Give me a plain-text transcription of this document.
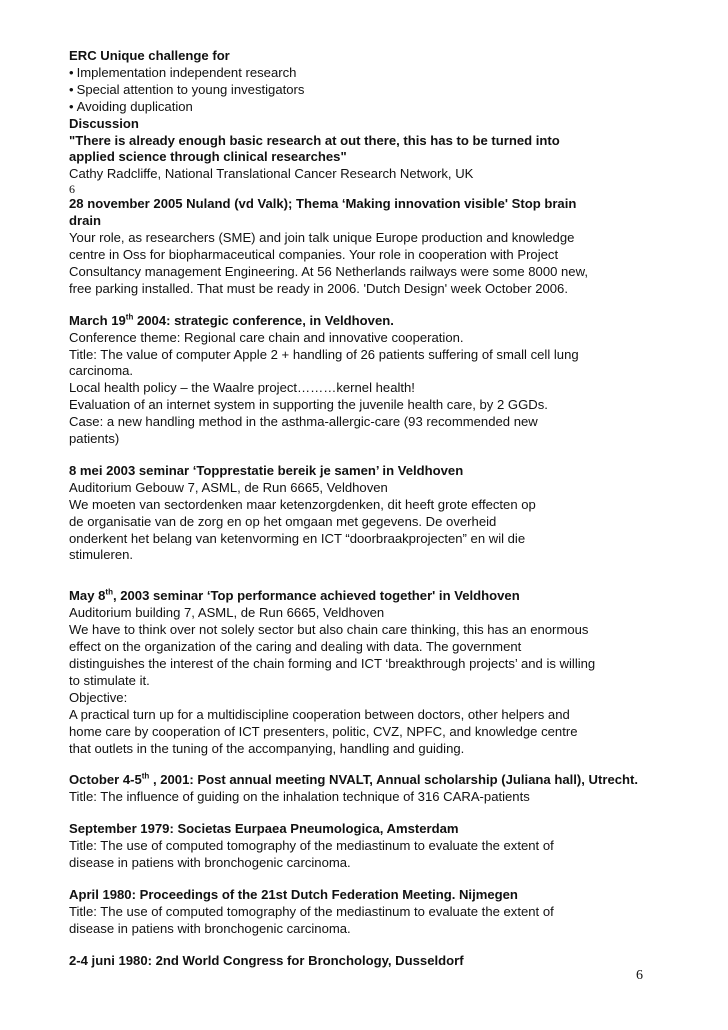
ERC Unique challenge for
• Implementation independent research
• Special attention to young investigators
• Avoiding duplication
Discussion
"There is already enough basic research at out there, this has to be turned into
applied science through clinical researches"
Cathy Radcliffe, National Translational Cancer Research Network, UK
6
28 november 2005 Nuland (vd Valk); Thema ‘Making innovation visible' Stop brain
drain
Your role, as researchers (SME) and join talk unique Europe production and knowledge
centre in Oss for biopharmaceutical companies. Your role in cooperation with Project
Consultancy management Engineering. At 56 Netherlands railways were some 8000 new,
free parking installed. That must be ready in 2006. 'Dutch Design' week October 2006.
March 19th 2004: strategic conference, in Veldhoven.
Conference theme: Regional care chain and innovative cooperation.
Title: The value of computer Apple 2 + handling of 26 patients suffering of small cell lung
carcinoma.
Local health policy – the Waalre project………kernel health!
Evaluation of an internet system in supporting the juvenile health care, by 2 GGDs.
Case: a new handling method in the asthma-allergic-care (93 recommended new
patients)
8 mei 2003 seminar ‘Topprestatie bereik je samen’ in Veldhoven
Auditorium Gebouw 7, ASML, de Run 6665, Veldhoven
We moeten van sectordenken maar ketenzorgdenken, dit heeft grote effecten op
de organisatie van de zorg en op het omgaan met gegevens. De overheid
onderkent het belang van ketenvorming en ICT “doorbraakprojecten” en wil die
stimuleren.
May 8th, 2003 seminar ‘Top performance achieved together' in Veldhoven
Auditorium building 7, ASML, de Run 6665, Veldhoven
We have to think over not solely sector but also chain care thinking, this has an enormous
effect on the organization of the caring and dealing with data. The government
distinguishes the interest of the chain forming and ICT ‘breakthrough projects’ and is willing
to stimulate it.
Objective:
A practical turn up for a multidiscipline cooperation between doctors, other helpers and
home care by cooperation of ICT presenters, politic, CVZ, NPFC, and knowledge centre
that outlets in the tuning of the accompanying, handling and guiding.
October 4-5th , 2001: Post annual meeting NVALT, Annual scholarship (Juliana hall), Utrecht.
Title: The influence of guiding on the inhalation technique of 316 CARA-patients
September 1979: Societas Eurpaea Pneumologica, Amsterdam
Title: The use of computed tomography of the mediastinum to evaluate the extent of
disease in patiens with bronchogenic carcinoma.
April 1980: Proceedings of the 21st Dutch Federation Meeting. Nijmegen
Title: The use of computed tomography of the mediastinum to evaluate the extent of
disease in patiens with bronchogenic carcinoma.
2-4 juni 1980: 2nd World Congress for Bronchology, Dusseldorf
6
